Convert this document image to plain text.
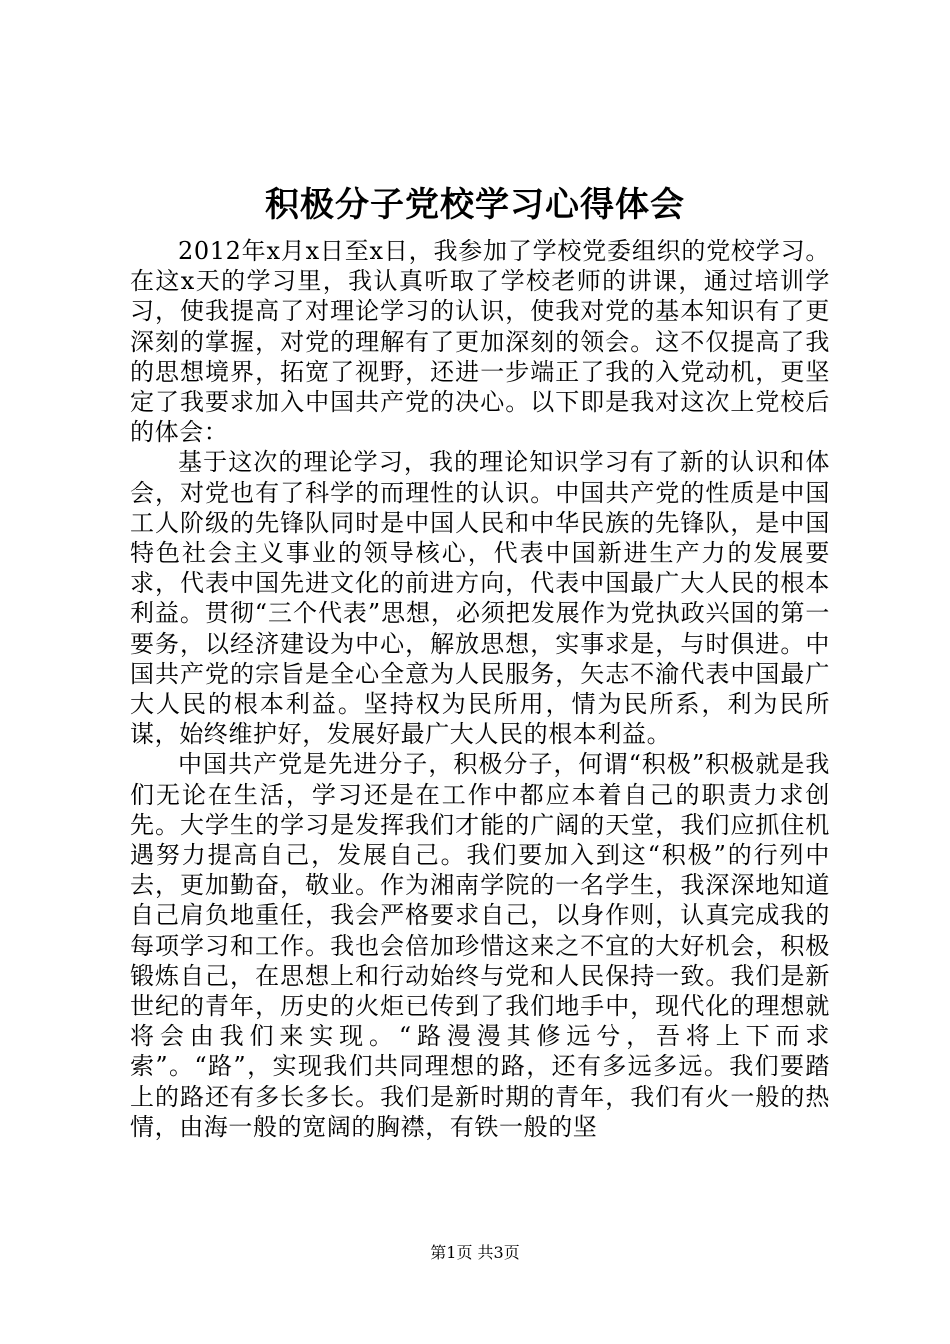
积极分子党校学习心得体会

2012年x月x日至x日，我参加了学校党委组织的党校学习。在这x天的学习里，我认真听取了学校老师的讲课，通过培训学习，使我提高了对理论学习的认识，使我对党的基本知识有了更深刻的掌握，对党的理解有了更加深刻的领会。这不仅提高了我的思想境界，拓宽了视野，还进一步端正了我的入党动机，更坚定了我要求加入中国共产党的决心。以下即是我对这次上党校后的体会：

基于这次的理论学习，我的理论知识学习有了新的认识和体会，对党也有了科学的而理性的认识。中国共产党的性质是中国工人阶级的先锋队同时是中国人民和中华民族的先锋队，是中国特色社会主义事业的领导核心，代表中国新进生产力的发展要求，代表中国先进文化的前进方向，代表中国最广大人民的根本利益。贯彻“三个代表”思想，必须把发展作为党执政兴国的第一要务，以经济建设为中心，解放思想，实事求是，与时俱进。中国共产党的宗旨是全心全意为人民服务，矢志不渝代表中国最广大人民的根本利益。坚持权为民所用，情为民所系，利为民所谋，始终维护好，发展好最广大人民的根本利益。

中国共产党是先进分子，积极分子，何谓“积极”积极就是我们无论在生活，学习还是在工作中都应本着自己的职责力求创先。大学生的学习是发挥我们才能的广阔的天堂，我们应抓住机遇努力提高自己，发展自己。我们要加入到这“积极”的行列中去，更加勤奋，敬业。作为湘南学院的一名学生，我深深地知道自己肩负地重任，我会严格要求自己，以身作则，认真完成我的每项学习和工作。我也会倍加珍惜这来之不宜的大好机会，积极锻炼自己，在思想上和行动始终与党和人民保持一致。我们是新世纪的青年，历史的火炬已传到了我们地手中，现代化的理想就将会由我们来实现。“路漫漫其修远兮，吾将上下而求索”。“路”，实现我们共同理想的路，还有多远多远。我们要踏上的路还有多长多长。我们是新时期的青年，我们有火一般的热情，由海一般的宽阔的胸襟，有铁一般的坚

第1页 共3页
